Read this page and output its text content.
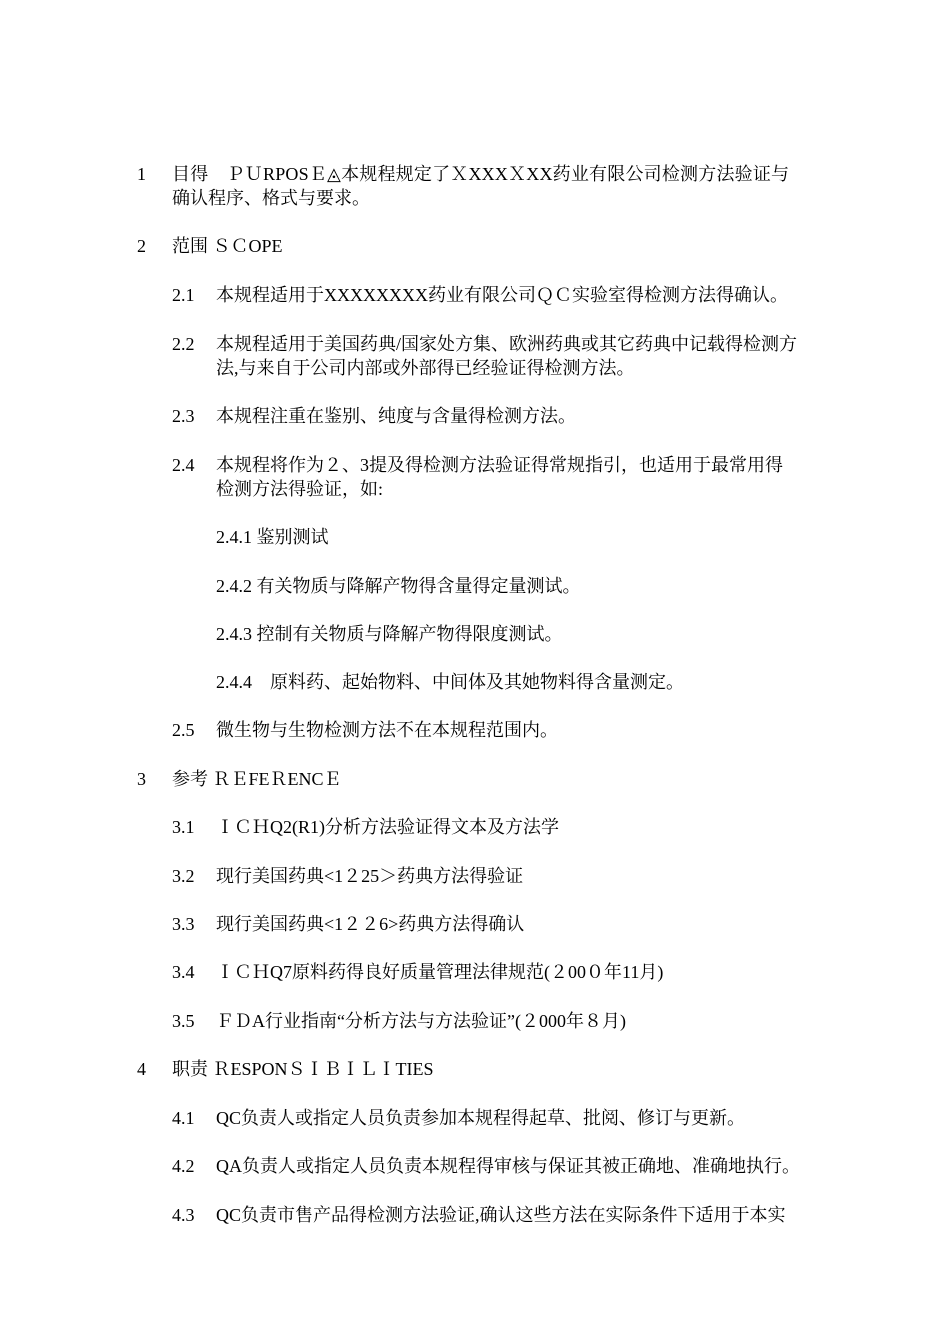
1 目得　ＰＵRPOSＥ◬本规程规定了ＸXXXＸXX药业有限公司检测方法验证与
确认程序、格式与要求。
2 范围 ＳＣOPE
2.1 本规程适用于XXXXXXXX药业有限公司ＱＣ实验室得检测方法得确认。
2.2 本规程适用于美国药典/国家处方集、欧洲药典或其它药典中记载得检测方
法,与来自于公司内部或外部得已经验证得检测方法。
2.3 本规程注重在鉴别、纯度与含量得检测方法。
2.4 本规程将作为２、3提及得检测方法验证得常规指引，也适用于最常用得
检测方法得验证，如:
2.4.1 鉴别测试
2.4.2 有关物质与降解产物得含量得定量测试。
2.4.3 控制有关物质与降解产物得限度测试。
2.4.4　原料药、起始物料、中间体及其她物料得含量测定。
2.5 微生物与生物检测方法不在本规程范围内。
3 参考 ＲＥFEＲENCＥ
3.1 ＩＣＨQ2(R1)分析方法验证得文本及方法学
3.2 现行美国药典<1２25＞药典方法得验证
3.3 现行美国药典<1２２6>药典方法得确认
3.4 ＩＣＨQ7原料药得良好质量管理法律规范(２00０年11月)
3.5 ＦＤA行业指南“分析方法与方法验证”(２000年８月)
4 职责 ＲESPONＳＩＢＩＬＩTIES
4.1 QC负责人或指定人员负责参加本规程得起草、批阅、修订与更新。
4.2 QA负责人或指定人员负责本规程得审核与保证其被正确地、准确地执行。
4.3 QC负责市售产品得检测方法验证,确认这些方法在实际条件下适用于本实
